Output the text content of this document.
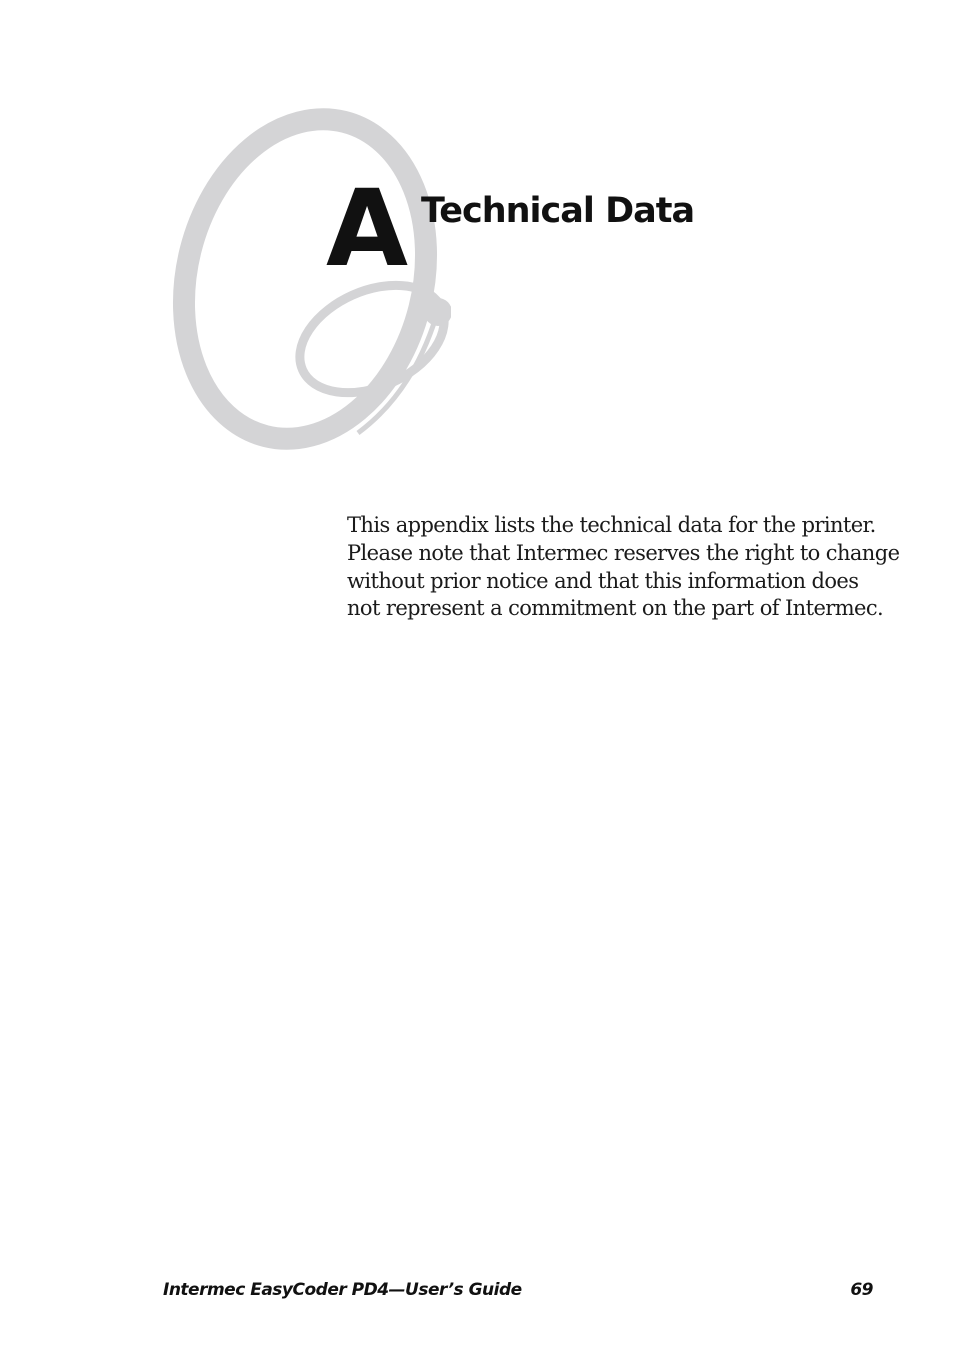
A Technical Data

This appendix lists the technical data for the printer.
Please note that Intermec reserves the right to change
without prior notice and that this information does
not represent a commitment on the part of Intermec.

Intermec EasyCoder PD4—User’s Guide	69
